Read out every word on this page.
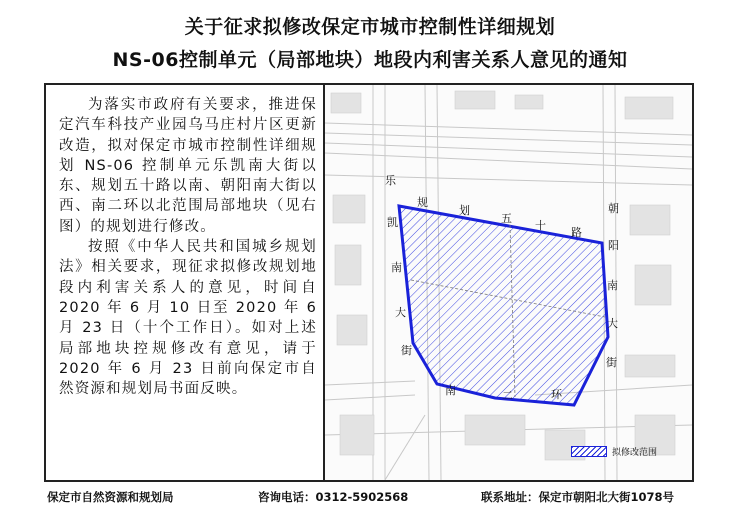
关于征求拟修改保定市城市控制性详细规划
NS-06控制单元（局部地块）地段内利害关系人意见的通知

为落实市政府有关要求，推进保定汽车科技产业园乌马庄村片区更新改造，拟对保定市城市控制性详细规划 NS-06 控制单元乐凯南大街以东、规划五十路以南、朝阳南大街以西、南二环以北范围局部地块（见右图）的规划进行修改。

按照《中华人民共和国城乡规划法》相关要求，现征求拟修改规划地段内利害关系人的意见，时间自 2020 年 6 月 10 日至 2020 年 6 月 23 日（十个工作日）。如对上述局部地块控规修改有意见，请于 2020 年 6 月 23 日前向保定市自然资源和规划局书面反映。

乐
凯
南
大
街
规
划
五
十
路
朝
阳
南
大
街
南	二	环
拟修改范围
保定市自然资源和规划局	咨询电话：0312-5902568	联系地址：保定市朝阳北大街1078号
